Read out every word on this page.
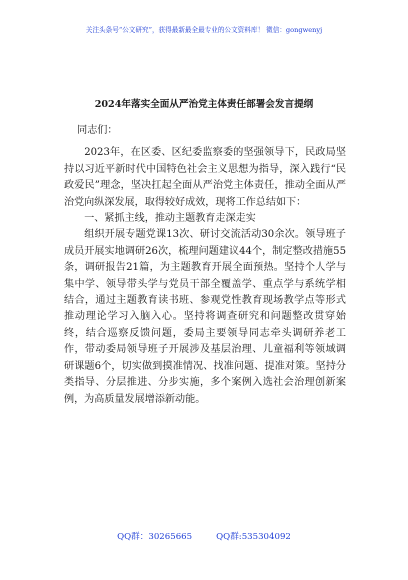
关注头条号“公文研究”，获得最新最全最专业的公文资料库！ 微信：gongwenyj
2024年落实全面从严治党主体责任部署会发言提纲

同志们：

2023年，在区委、区纪委监察委的坚强领导下，民政局坚持以习近平新时代中国特色社会主义思想为指导，深入践行“民政爱民”理念，坚决扛起全面从严治党主体责任，推动全面从严治党向纵深发展，取得较好成效，现将工作总结如下：

一、紧抓主线，推动主题教育走深走实

组织开展专题党课13次、研讨交流活动30余次。领导班子成员开展实地调研26次，梳理问题建议44个，制定整改措施55条，调研报告21篇，为主题教育开展全面预热。坚持个人学与集中学、领导带头学与党员干部全覆盖学、重点学与系统学相结合，通过主题教育读书班、参观党性教育现场教学点等形式推动理论学习入脑入心。坚持将调查研究和问题整改贯穿始终，结合巡察反馈问题，委局主要领导同志牵头调研养老工作，带动委局领导班子开展涉及基层治理、儿童福利等领域调研课题6个，切实做到摸准情况、找准问题、提准对策。坚持分类指导、分层推进、分步实施，多个案例入选社会治理创新案例，为高质量发展增添新动能。

QQ群：30265665	QQ群:535304092
